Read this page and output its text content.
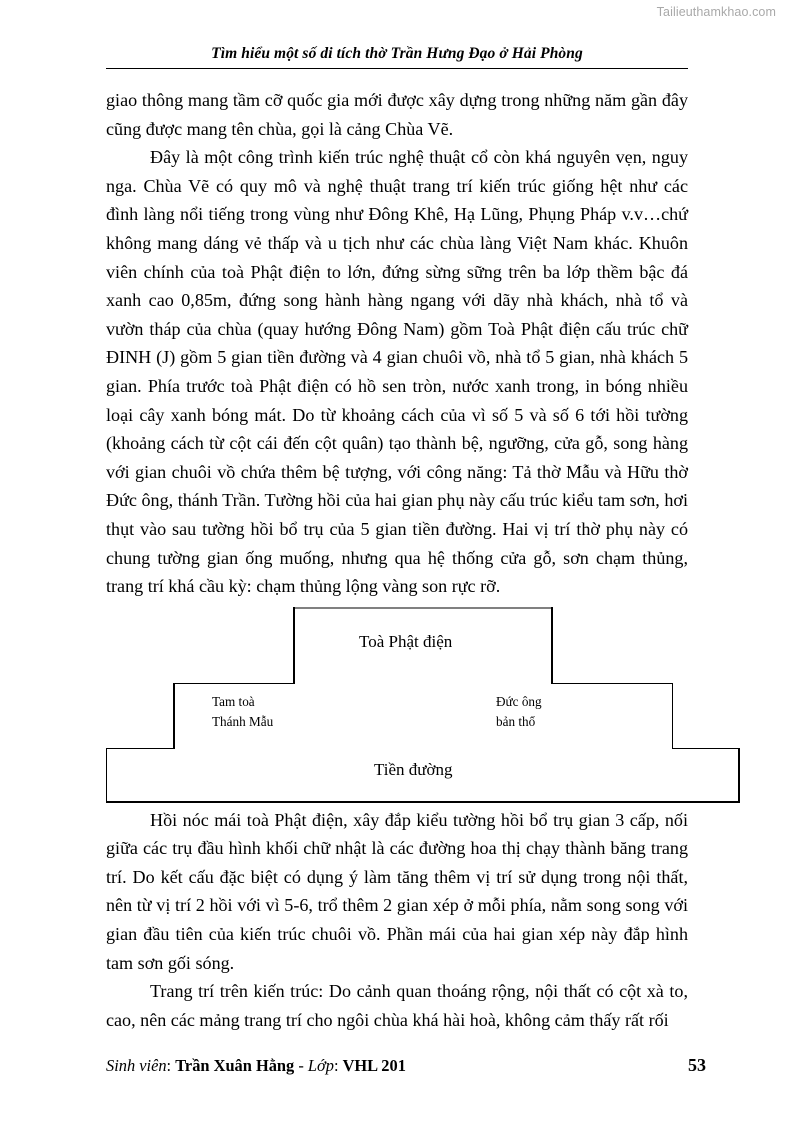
Tailieuthamkhao.com
Tìm hiểu một số di tích thờ Trần Hưng Đạo ở Hải Phòng

giao thông mang tầm cỡ quốc gia mới được xây dựng trong những năm gần đây cũng được mang tên chùa, gọi là cảng Chùa Vẽ.

Đây là một công trình kiến trúc nghệ thuật cổ còn khá nguyên vẹn, nguy nga. Chùa Vẽ có quy mô và nghệ thuật trang trí kiến trúc giống hệt như các đình làng nổi tiếng trong vùng như Đông Khê, Hạ Lũng, Phụng Pháp v.v…chứ không mang dáng vẻ thấp và u tịch như các chùa làng Việt Nam khác. Khuôn viên chính của toà Phật điện to lớn, đứng sừng sững trên ba lớp thềm bậc đá xanh cao 0,85m, đứng song hành hàng ngang với dãy nhà khách, nhà tổ và vườn tháp của chùa (quay hướng Đông Nam) gồm Toà Phật điện cấu trúc chữ ĐINH (J) gồm 5 gian tiền đường và 4 gian chuôi vồ, nhà tổ 5 gian, nhà khách 5 gian. Phía trước toà Phật điện có hồ sen tròn, nước xanh trong, in bóng nhiều loại cây xanh bóng mát. Do từ khoảng cách của vì số 5 và số 6 tới hồi tường (khoảng cách từ cột cái đến cột quân) tạo thành bệ, ngưỡng, cửa gỗ, song hàng với gian chuôi vồ chứa thêm bệ tượng, với công năng: Tả thờ Mẫu và Hữu thờ Đức ông, thánh Trần. Tường hồi của hai gian phụ này cấu trúc kiểu tam sơn, hơi thụt vào sau tường hồi bổ trụ của 5 gian tiền đường. Hai vị trí thờ phụ này có chung tường gian ống muống, nhưng qua hệ thống cửa gỗ, sơn chạm thủng, trang trí khá cầu kỳ: chạm thủng lộng vàng son rực rỡ.

Toà Phật điện
Tam toà
Thánh Mẫu
Đức ông
bản thổ
Tiền đường

Hồi nóc mái toà Phật điện, xây đắp kiểu tường hồi bổ trụ gian 3 cấp, nối giữa các trụ đầu hình khối chữ nhật là các đường hoa thị chạy thành băng trang trí. Do kết cấu đặc biệt có dụng ý làm tăng thêm vị trí sử dụng trong nội thất, nên từ vị trí 2 hồi với vì 5-6, trổ thêm 2 gian xép ở mỗi phía, nằm song song với gian đầu tiên của kiến trúc chuôi vồ. Phần mái của hai gian xép này đắp hình tam sơn gối sóng.

Trang trí trên kiến trúc: Do cảnh quan thoáng rộng, nội thất có cột xà to, cao, nên các mảng trang trí cho ngôi chùa khá hài hoà, không cảm thấy rất rối

Sinh viên: Trần Xuân Hằng - Lớp: VHL 201	53
